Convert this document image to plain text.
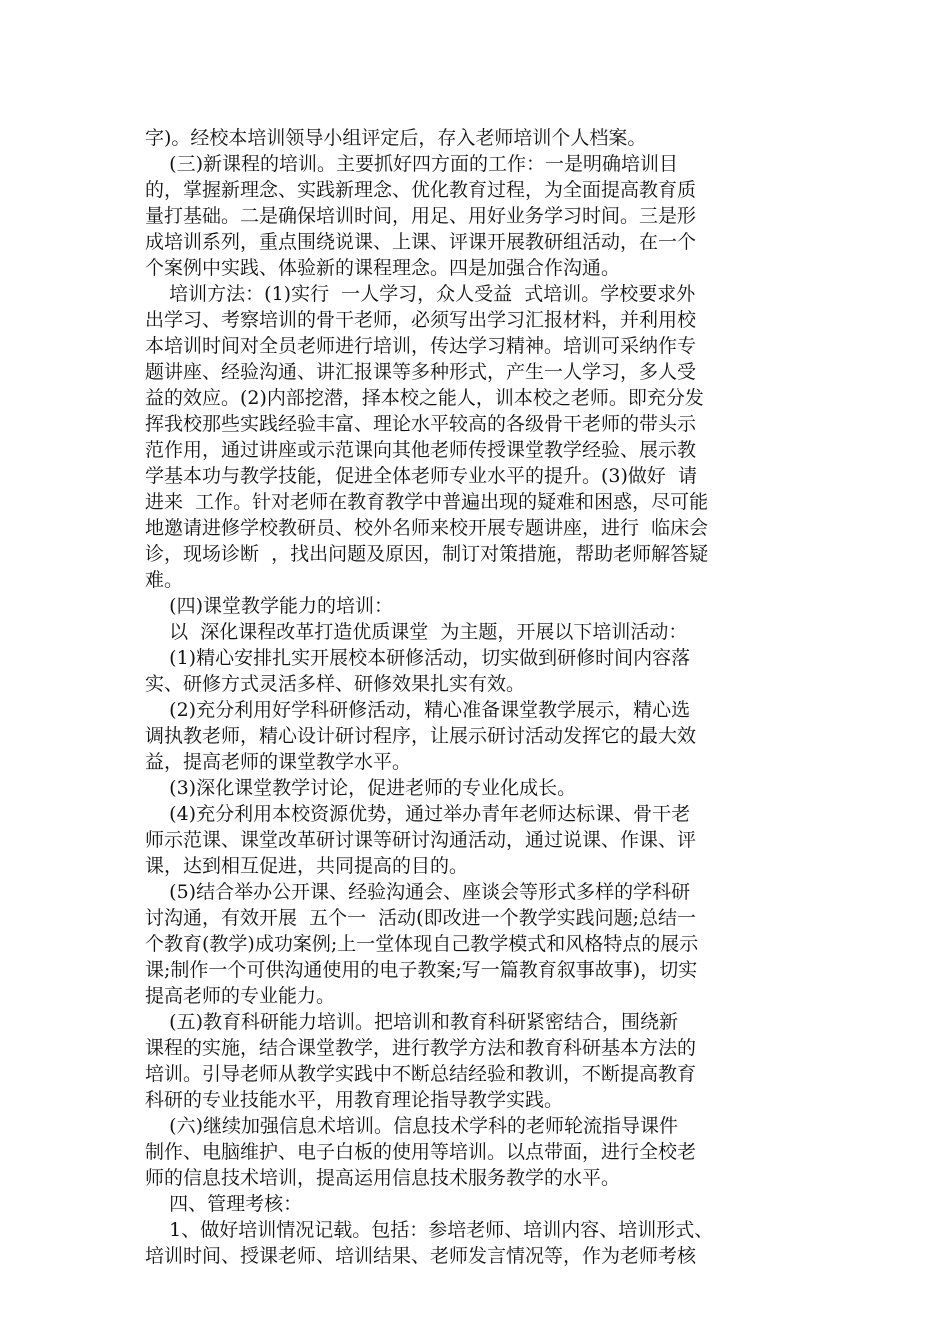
字)。经校本培训领导小组评定后，存入老师培训个人档案。
(三)新课程的培训。主要抓好四方面的工作：一是明确培训目
的，掌握新理念、实践新理念、优化教育过程，为全面提高教育质
量打基础。二是确保培训时间，用足、用好业务学习时间。三是形
成培训系列，重点围绕说课、上课、评课开展教研组活动，在一个
个案例中实践、体验新的课程理念。四是加强合作沟通。
培训方法：(1)实行  一人学习，众人受益  式培训。学校要求外
出学习、考察培训的骨干老师，必须写出学习汇报材料，并利用校
本培训时间对全员老师进行培训，传达学习精神。培训可采纳作专
题讲座、经验沟通、讲汇报课等多种形式，产生一人学习，多人受
益的效应。(2)内部挖潜，择本校之能人，训本校之老师。即充分发
挥我校那些实践经验丰富、理论水平较高的各级骨干老师的带头示
范作用，通过讲座或示范课向其他老师传授课堂教学经验、展示教
学基本功与教学技能，促进全体老师专业水平的提升。(3)做好  请
进来  工作。针对老师在教育教学中普遍出现的疑难和困惑，尽可能
地邀请进修学校教研员、校外名师来校开展专题讲座，进行  临床会
诊，现场诊断  ，找出问题及原因，制订对策措施，帮助老师解答疑
难。
(四)课堂教学能力的培训：
以  深化课程改革打造优质课堂  为主题，开展以下培训活动：
(1)精心安排扎实开展校本研修活动，切实做到研修时间内容落
实、研修方式灵活多样、研修效果扎实有效。
(2)充分利用好学科研修活动，精心准备课堂教学展示，精心选
调执教老师，精心设计研讨程序，让展示研讨活动发挥它的最大效
益，提高老师的课堂教学水平。
(3)深化课堂教学讨论，促进老师的专业化成长。
(4)充分利用本校资源优势，通过举办青年老师达标课、骨干老
师示范课、课堂改革研讨课等研讨沟通活动，通过说课、作课、评
课，达到相互促进，共同提高的目的。
(5)结合举办公开课、经验沟通会、座谈会等形式多样的学科研
讨沟通，有效开展  五个一  活动(即改进一个教学实践问题;总结一
个教育(教学)成功案例;上一堂体现自己教学模式和风格特点的展示
课;制作一个可供沟通使用的电子教案;写一篇教育叙事故事)，切实
提高老师的专业能力。
(五)教育科研能力培训。把培训和教育科研紧密结合，围绕新
课程的实施，结合课堂教学，进行教学方法和教育科研基本方法的
培训。引导老师从教学实践中不断总结经验和教训，不断提高教育
科研的专业技能水平，用教育理论指导教学实践。
(六)继续加强信息术培训。信息技术学科的老师轮流指导课件
制作、电脑维护、电子白板的使用等培训。以点带面，进行全校老
师的信息技术培训，提高运用信息技术服务教学的水平。
四、管理考核：
1、做好培训情况记载。包括：参培老师、培训内容、培训形式、
培训时间、授课老师、培训结果、老师发言情况等，作为老师考核
